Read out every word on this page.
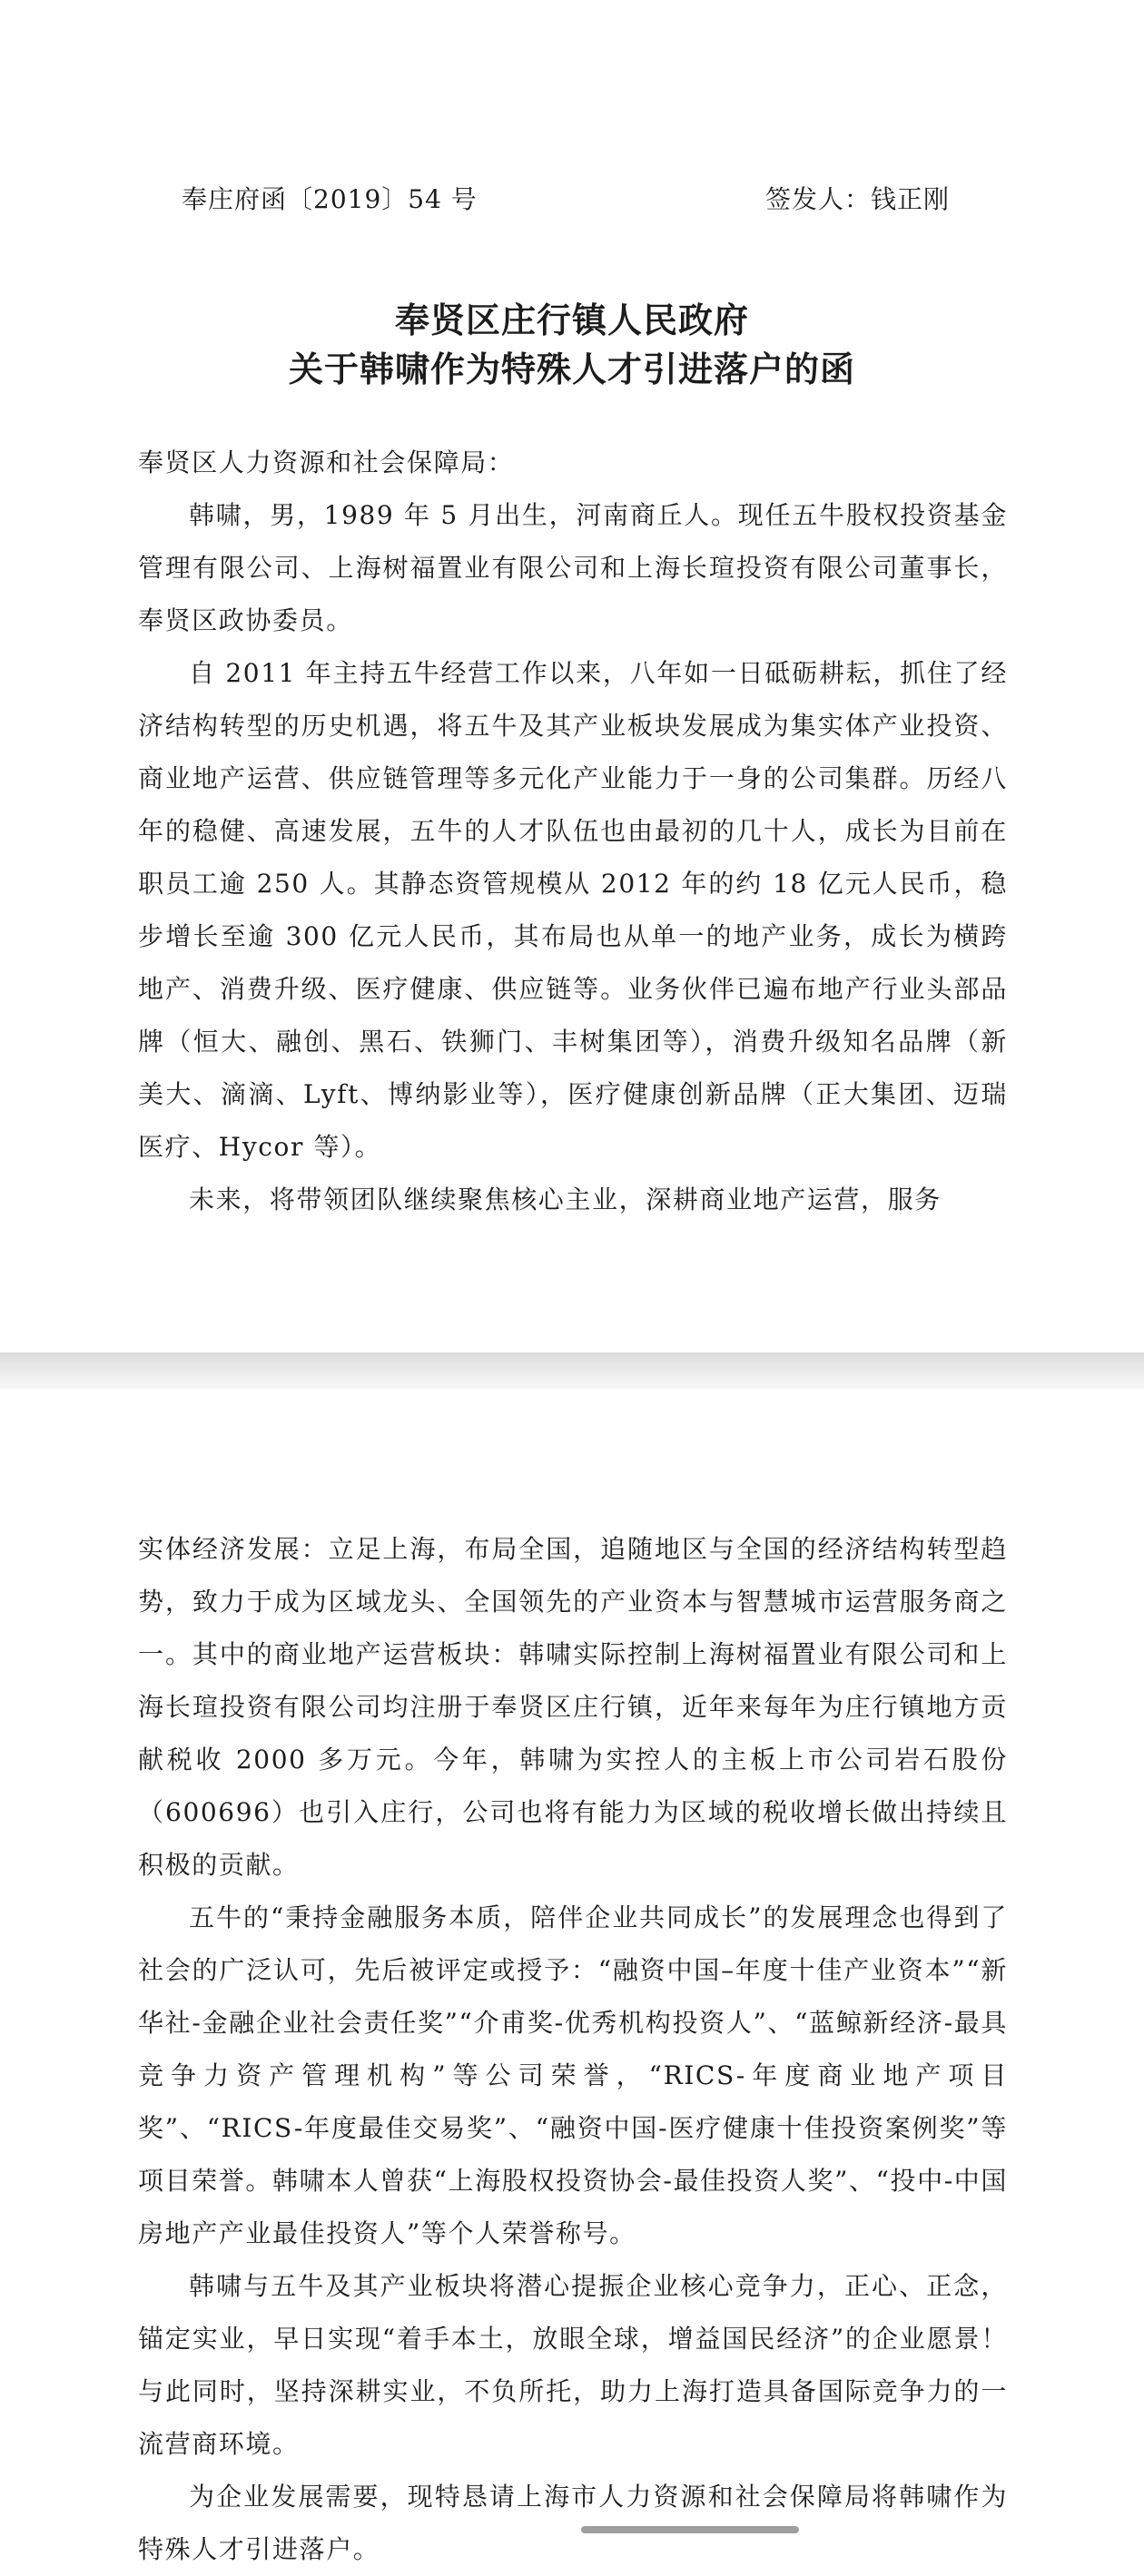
奉庄府函〔2019〕54 号	签发人：钱正刚
奉贤区庄行镇人民政府
关于韩啸作为特殊人才引进落户的函

奉贤区人力资源和社会保障局：

韩啸，男，1989 年 5 月出生，河南商丘人。现任五牛股权投资基金管理有限公司、上海树福置业有限公司和上海长瑄投资有限公司董事长，奉贤区政协委员。

自 2011 年主持五牛经营工作以来，八年如一日砥砺耕耘，抓住了经济结构转型的历史机遇，将五牛及其产业板块发展成为集实体产业投资、商业地产运营、供应链管理等多元化产业能力于一身的公司集群。历经八年的稳健、高速发展，五牛的人才队伍也由最初的几十人，成长为目前在职员工逾 250 人。其静态资管规模从 2012 年的约 18 亿元人民币，稳步增长至逾 300 亿元人民币，其布局也从单一的地产业务，成长为横跨地产、消费升级、医疗健康、供应链等。业务伙伴已遍布地产行业头部品牌（恒大、融创、黑石、铁狮门、丰树集团等），消费升级知名品牌（新美大、滴滴、Lyft、博纳影业等），医疗健康创新品牌（正大集团、迈瑞医疗、Hycor 等）。

未来，将带领团队继续聚焦核心主业，深耕商业地产运营，服务

实体经济发展：立足上海，布局全国，追随地区与全国的经济结构转型趋势，致力于成为区域龙头、全国领先的产业资本与智慧城市运营服务商之一。其中的商业地产运营板块：韩啸实际控制上海树福置业有限公司和上海长瑄投资有限公司均注册于奉贤区庄行镇，近年来每年为庄行镇地方贡献税收 2000 多万元。今年，韩啸为实控人的主板上市公司岩石股份（600696）也引入庄行，公司也将有能力为区域的税收增长做出持续且积极的贡献。

五牛的“秉持金融服务本质，陪伴企业共同成长”的发展理念也得到了社会的广泛认可，先后被评定或授予：“融资中国–年度十佳产业资本”“新华社-金融企业社会责任奖”“介甫奖-优秀机构投资人”、“蓝鲸新经济-最具竞争力资产管理机构”等公司荣誉，“RICS-年度商业地产项目奖”、“RICS-年度最佳交易奖”、“融资中国-医疗健康十佳投资案例奖”等项目荣誉。韩啸本人曾获“上海股权投资协会-最佳投资人奖”、“投中-中国房地产产业最佳投资人”等个人荣誉称号。

韩啸与五牛及其产业板块将潜心提振企业核心竞争力，正心、正念，锚定实业，早日实现“着手本土，放眼全球，增益国民经济”的企业愿景！与此同时，坚持深耕实业，不负所托，助力上海打造具备国际竞争力的一流营商环境。

为企业发展需要，现特恳请上海市人力资源和社会保障局将韩啸作为特殊人才引进落户。
